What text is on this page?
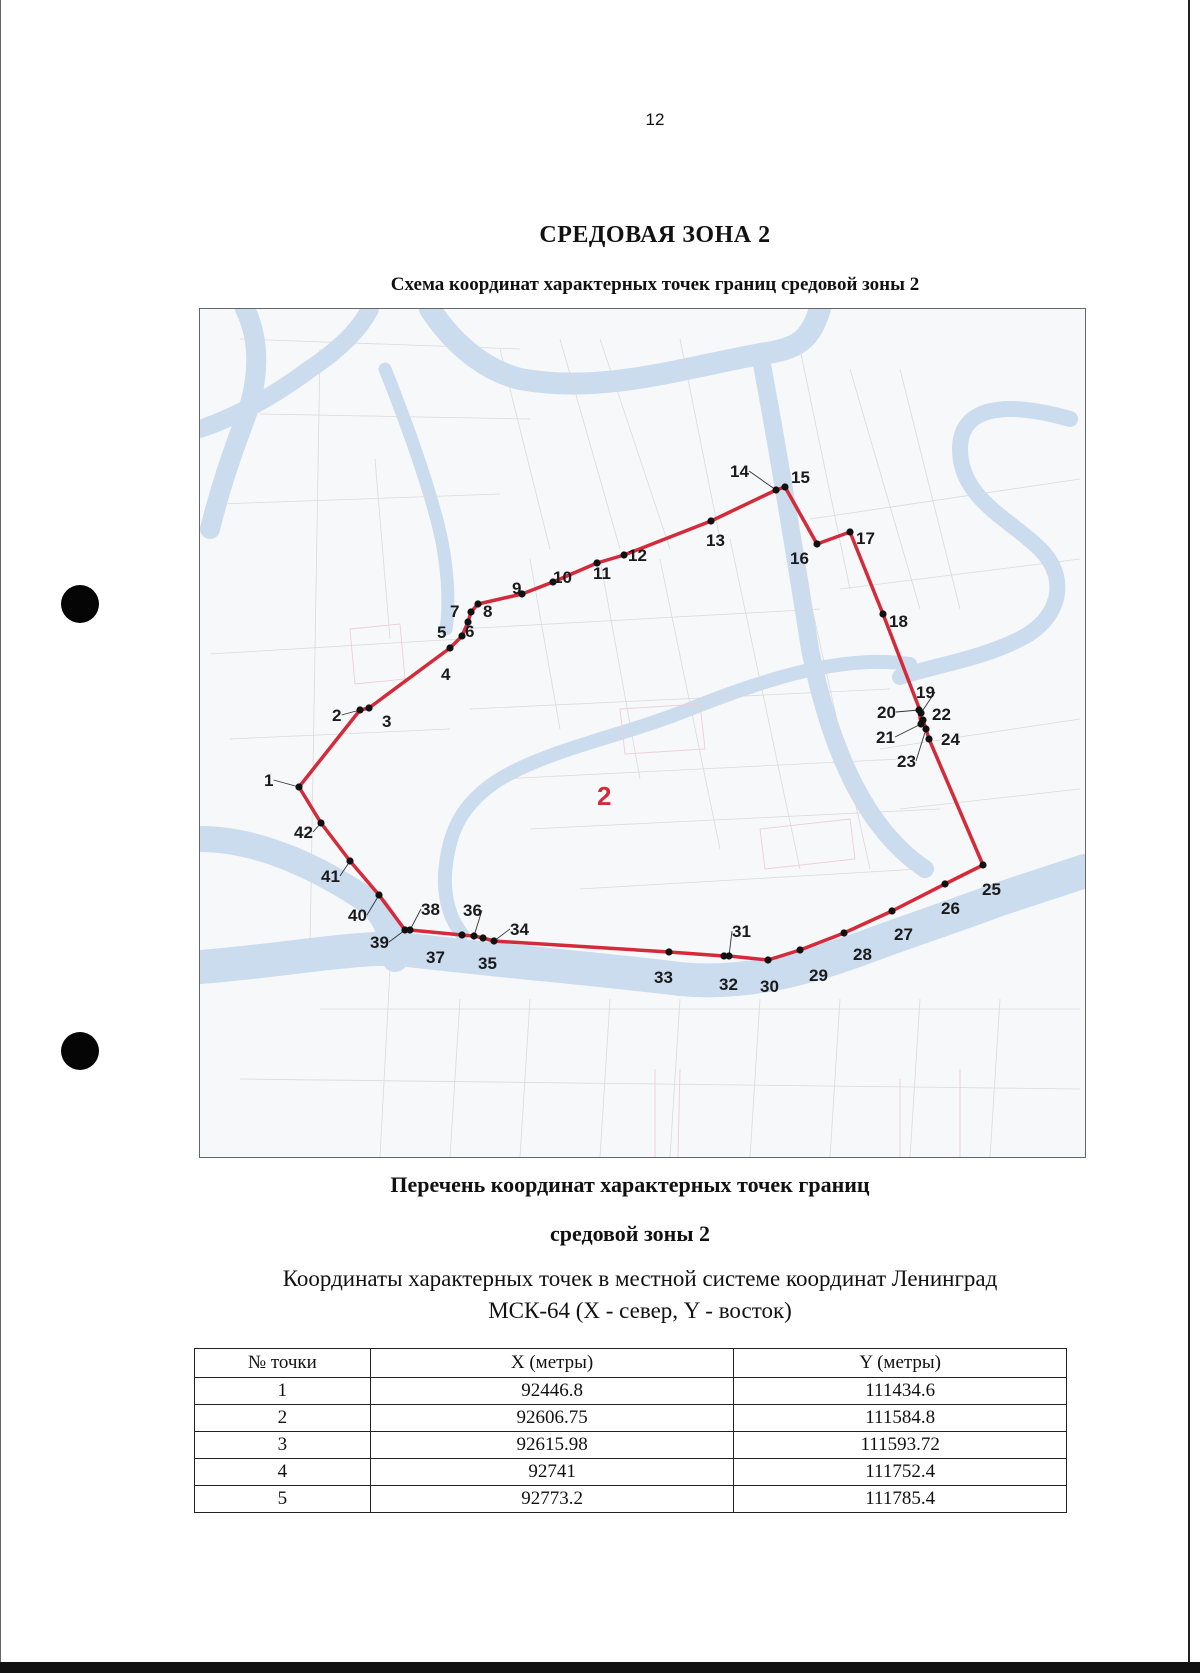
12
СРЕДОВАЯ ЗОНА 2
Схема координат характерных точек границ средовой зоны 2
1
2 3
4
5 6
7 8
9
10 11
12
13
14 15
16
17
18
19
20
21
22
23
24
25
26
27
28
29
30
31
32
33
34
35
36
37
38
39
40
41
42
2
Перечень координат характерных точек границ
средовой зоны 2
Координаты характерных точек в местной системе координат Ленинград
МСК-64 (X - север, Y - восток)
№ точки	X (метры)	Y (метры)
1	92446.8	111434.6
2	92606.75	111584.8
3	92615.98	111593.72
4	92741	111752.4
5	92773.2	111785.4
